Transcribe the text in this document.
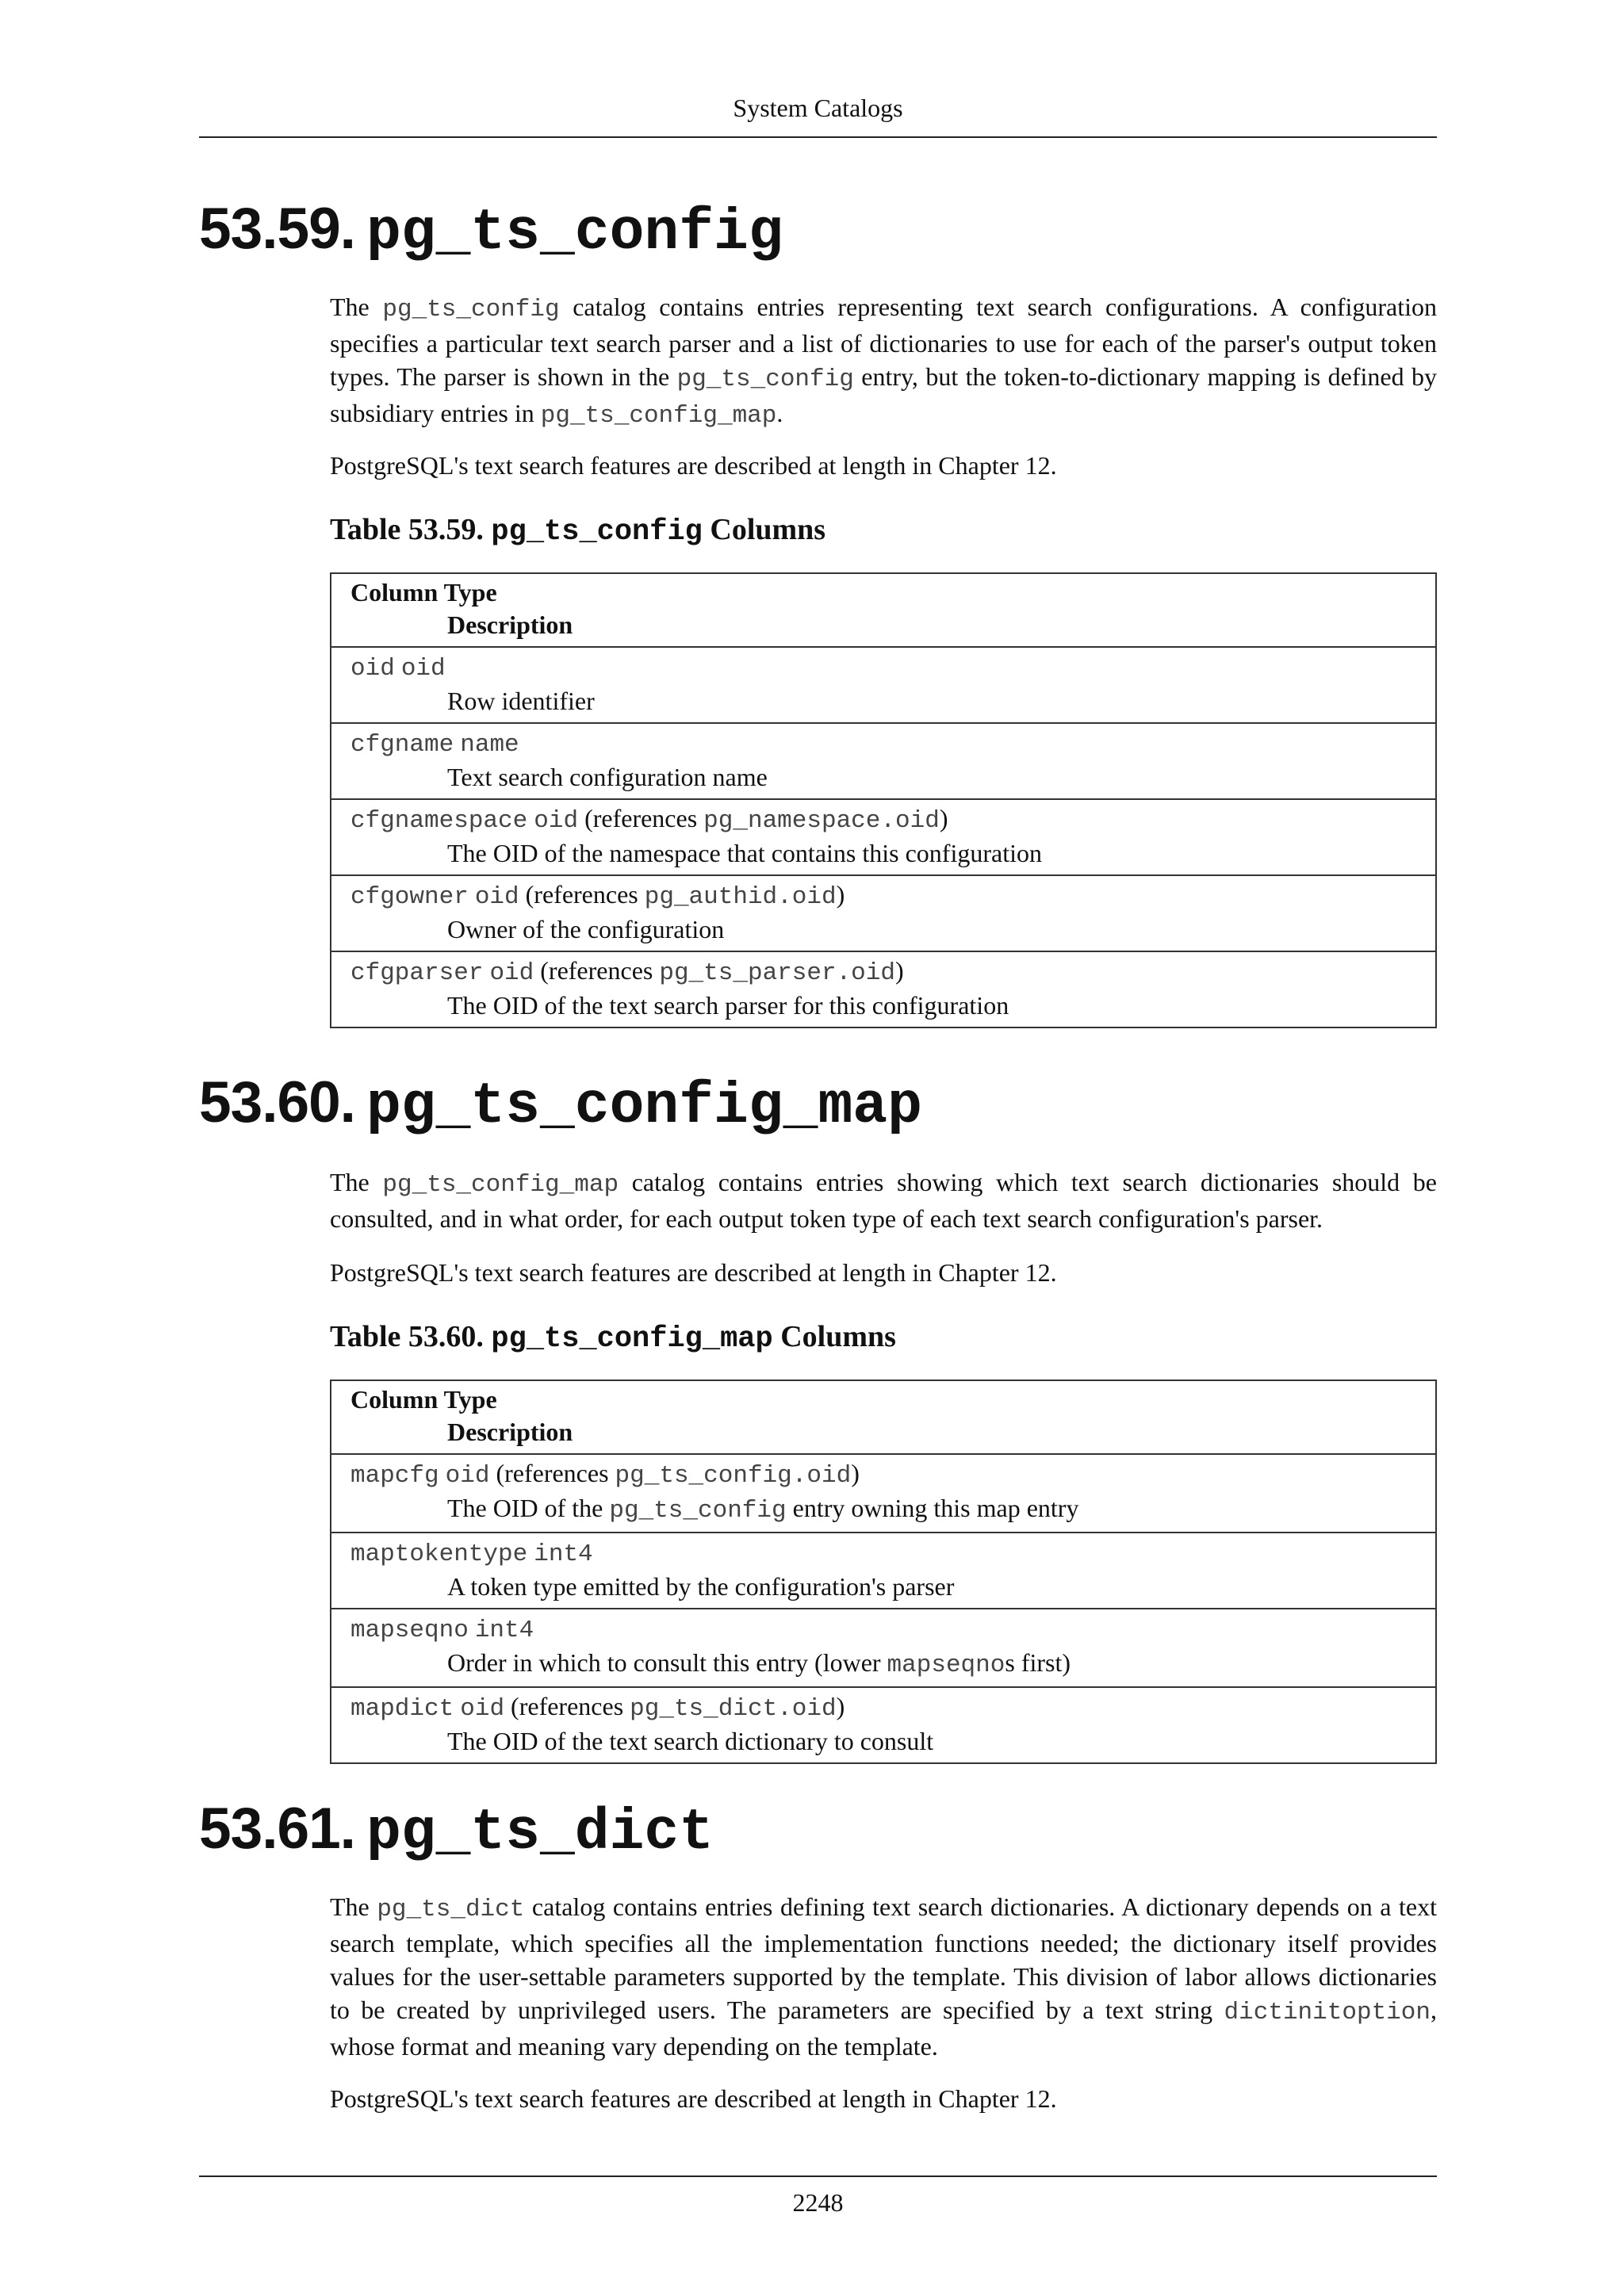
System Catalogs
53.59. pg_ts_config

The pg_ts_config catalog contains entries representing text search configurations. A configuration specifies a particular text search parser and a list of dictionaries to use for each of the parser's output token types. The parser is shown in the pg_ts_config entry, but the token-to-dictionary mapping is defined by subsidiary entries in pg_ts_config_map.

PostgreSQL's text search features are described at length in Chapter 12.

Table 53.59. pg_ts_config Columns
Column Type
Description

oid oid
Row identifier

cfgname name
Text search configuration name

cfgnamespace oid (references pg_namespace.oid)
The OID of the namespace that contains this configuration

cfgowner oid (references pg_authid.oid)
Owner of the configuration

cfgparser oid (references pg_ts_parser.oid)
The OID of the text search parser for this configuration
53.60. pg_ts_config_map

The pg_ts_config_map catalog contains entries showing which text search dictionaries should be consulted, and in what order, for each output token type of each text search configuration's parser.

PostgreSQL's text search features are described at length in Chapter 12.

Table 53.60. pg_ts_config_map Columns
Column Type
Description

mapcfg oid (references pg_ts_config.oid)
The OID of the pg_ts_config entry owning this map entry

maptokentype int4
A token type emitted by the configuration's parser

mapseqno int4
Order in which to consult this entry (lower mapseqnos first)

mapdict oid (references pg_ts_dict.oid)
The OID of the text search dictionary to consult
53.61. pg_ts_dict

The pg_ts_dict catalog contains entries defining text search dictionaries. A dictionary depends on a text search template, which specifies all the implementation functions needed; the dictionary itself provides values for the user-settable parameters supported by the template. This division of labor allows dictionaries to be created by unprivileged users. The parameters are specified by a text string dictinitoption, whose format and meaning vary depending on the template.

PostgreSQL's text search features are described at length in Chapter 12.

2248
